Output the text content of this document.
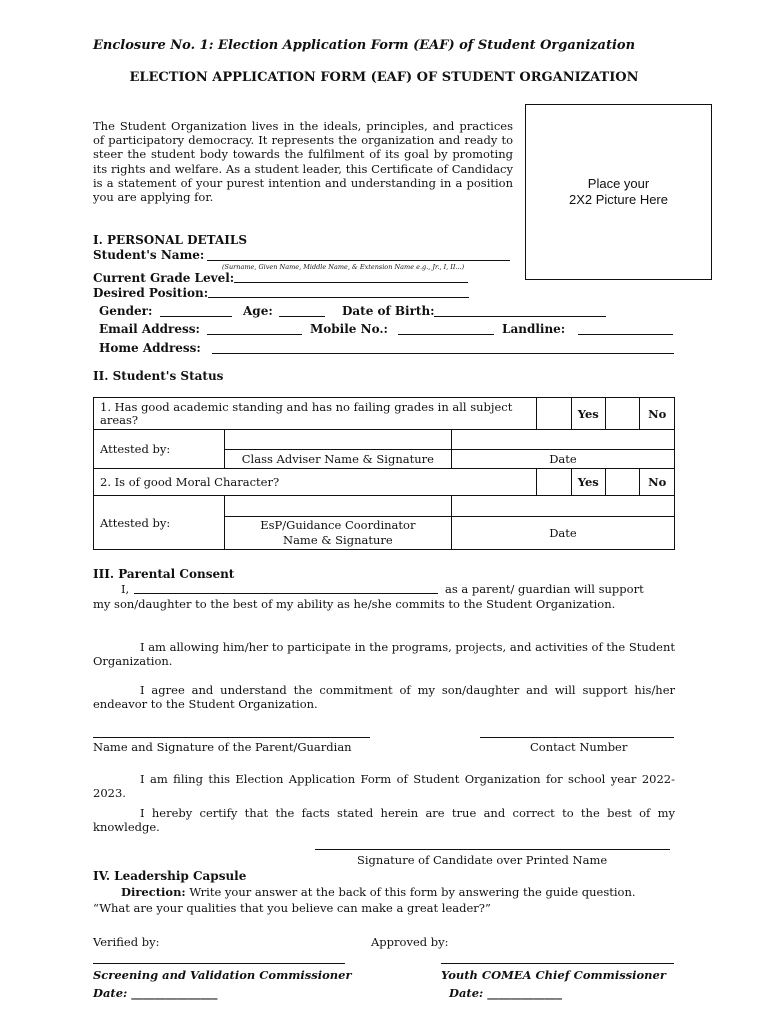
Enclosure No. 1: Election Application Form (EAF) of Student Organization
ELECTION APPLICATION FORM (EAF) OF STUDENT ORGANIZATION
The Student Organization lives in the ideals, principles, and practices of participatory democracy. It represents the organization and ready to steer the student body towards the fulfilment of its goal by promoting its rights and welfare. As a student leader, this Certificate of Candidacy is a statement of your purest intention and understanding in a position you are applying for.
Place your
2X2 Picture Here
I. PERSONAL DETAILS
Student's Name:
(Surname, Given Name, Middle Name, & Extension Name e.g., Jr., I, II...)
Current Grade Level:
Desired Position:
Gender:	Age:	Date of Birth:
Email Address:	Mobile No.:	Landline:
Home Address:
II. Student's Status
1. Has good academic standing and has no failing grades in all subject areas?				Yes		No
Attested by:						
	Class Adviser Name & Signature	Date				
2. Is of good Moral Character?				Yes		No
Attested by:						
	EsP/Guidance Coordinator
Name & Signature	Date				
III. Parental Consent
I,	as a parent/ guardian will support
my son/daughter to the best of my ability as he/she commits to the Student Organization.
I am allowing him/her to participate in the programs, projects, and activities of the Student Organization.
I agree and understand the commitment of my son/daughter and will support his/her endeavor to the Student Organization.
Name and Signature of the Parent/Guardian	Contact Number
I am filing this Election Application Form of Student Organization for school year 2022-2023.
I hereby certify that the facts stated herein are true and correct to the best of my knowledge.
Signature of Candidate over Printed Name
IV. Leadership Capsule
Direction: Write your answer at the back of this form by answering the guide question.
“What are your qualities that you believe can make a great leader?”
Verified by:	Approved by:
Screening and Validation Commissioner	Youth COMEA Chief Commissioner
Date: _______________	Date: _____________
